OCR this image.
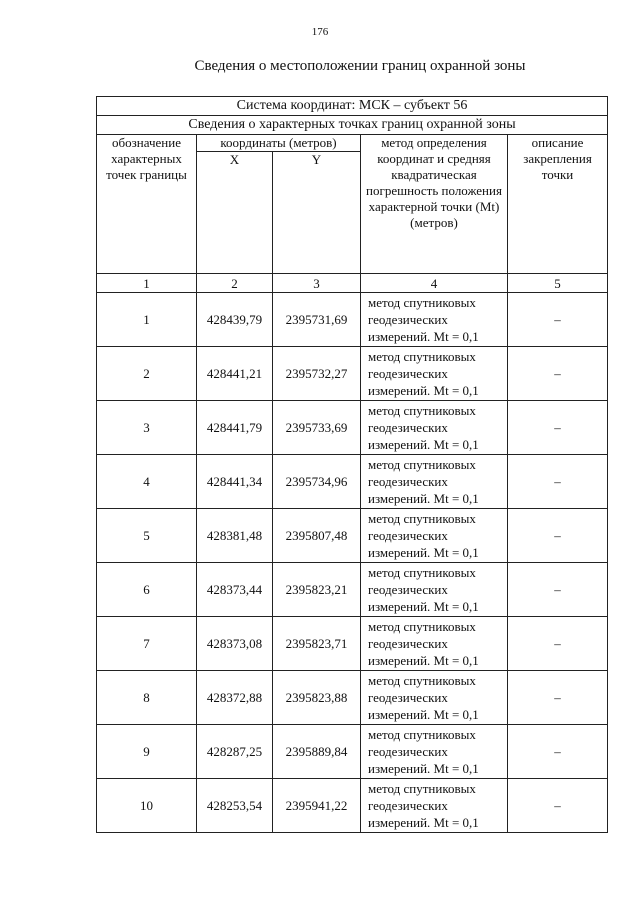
176
Сведения о местоположении границ охранной зоны
Система координат: МСК – субъект 56				
Сведения о характерных точках границ охранной зоны				
обозначение характерных точек границы	координаты (метров)		метод определения координат и средняя квадратическая погрешность положения характерной точки (Mt) (метров)	описание закрепления точки
	X	Y		
1	2	3	4	5
1	428439,79	2395731,69	метод спутниковых геодезических измерений. Mt = 0,1	–
2	428441,21	2395732,27	метод спутниковых геодезических измерений. Mt = 0,1	–
3	428441,79	2395733,69	метод спутниковых геодезических измерений. Mt = 0,1	–
4	428441,34	2395734,96	метод спутниковых геодезических измерений. Mt = 0,1	–
5	428381,48	2395807,48	метод спутниковых геодезических измерений. Mt = 0,1	–
6	428373,44	2395823,21	метод спутниковых геодезических измерений. Mt = 0,1	–
7	428373,08	2395823,71	метод спутниковых геодезических измерений. Mt = 0,1	–
8	428372,88	2395823,88	метод спутниковых геодезических измерений. Mt = 0,1	–
9	428287,25	2395889,84	метод спутниковых геодезических измерений. Mt = 0,1	–
10	428253,54	2395941,22	метод спутниковых геодезических измерений. Mt = 0,1	–
